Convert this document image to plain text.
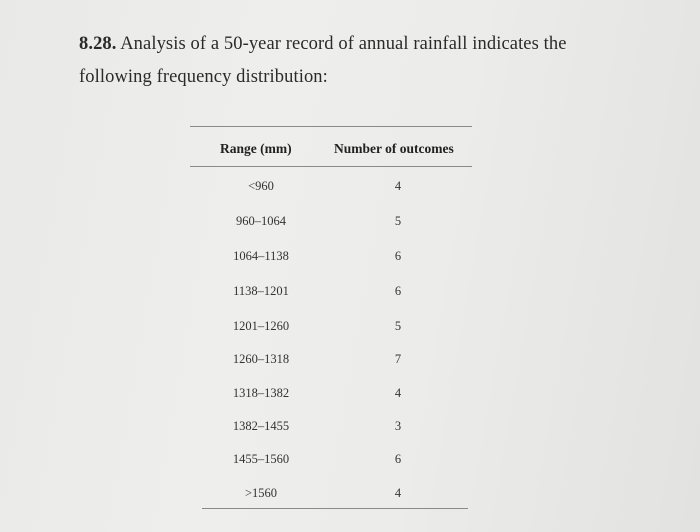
8.28. Analysis of a 50-year record of annual rainfall indicates the following frequency distribution:
Range (mm)	Number of outcomes
<960	4
960–1064	5
1064–1138	6
1138–1201	6
1201–1260	5
1260–1318	7
1318–1382	4
1382–1455	3
1455–1560	6
>1560	4
